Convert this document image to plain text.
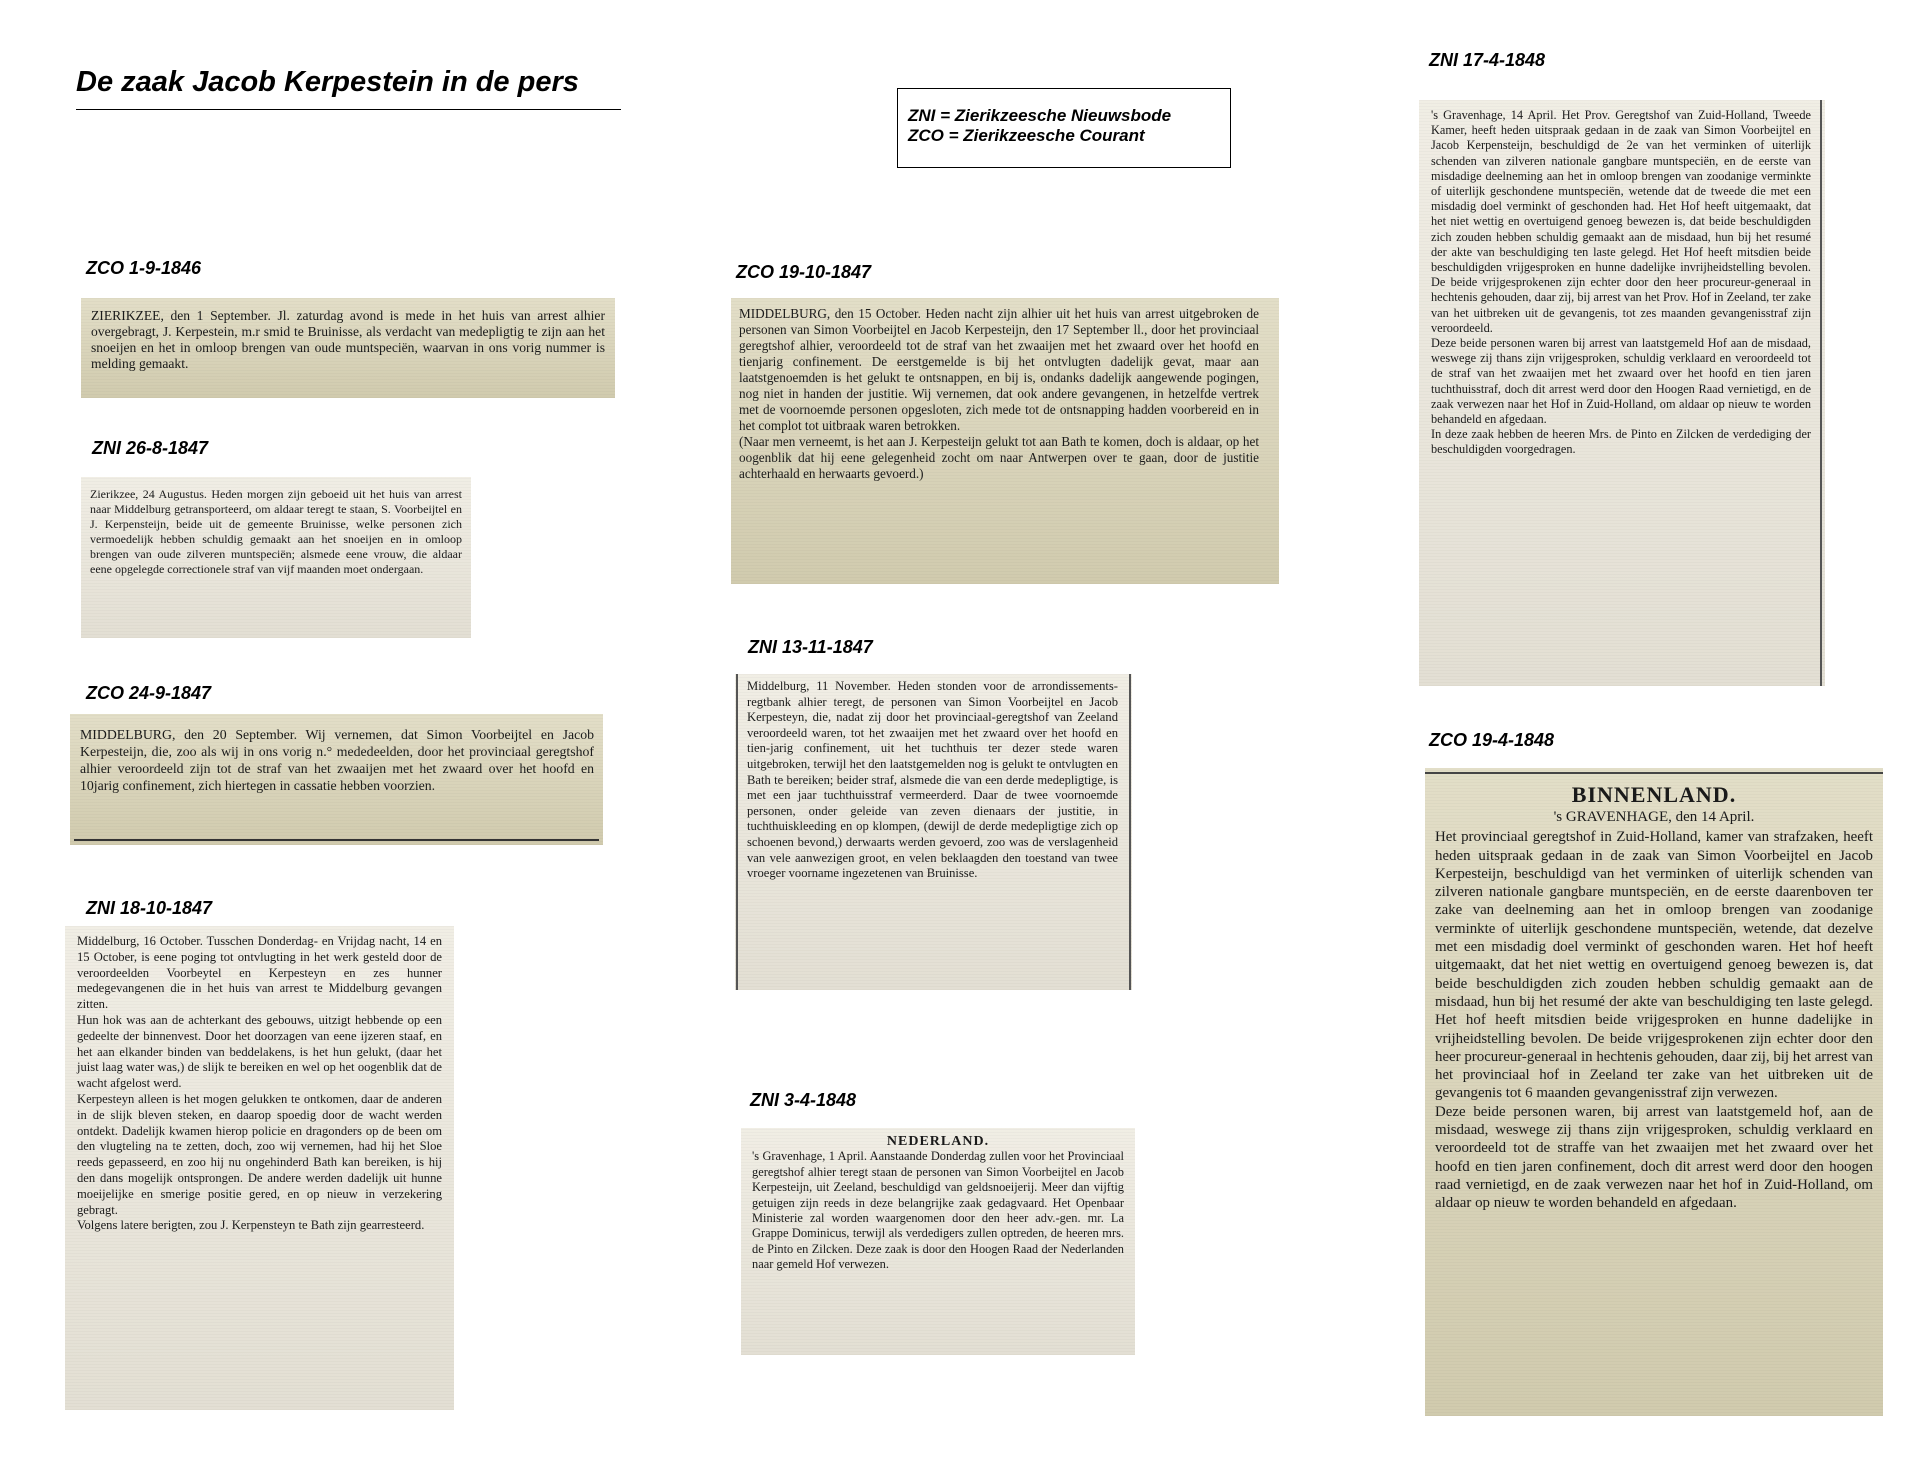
De zaak Jacob Kerpestein in de pers
ZNI = Zierikzeesche Nieuwsbode
ZCO = Zierikzeesche Courant
ZCO 1-9-1846

ZIERIKZEE, den 1 September. Jl. zaturdag avond is mede in het huis van arrest alhier overgebragt, J. Kerpestein, m.r smid te Bruinisse, als verdacht van medepligtig te zijn aan het snoeijen en het in omloop brengen van oude muntspeciën, waarvan in ons vorig nummer is melding gemaakt.

ZNI 26-8-1847

Zierikzee, 24 Augustus. Heden morgen zijn geboeid uit het huis van arrest naar Middelburg getransporteerd, om aldaar teregt te staan, S. Voorbeijtel en J. Kerpensteijn, beide uit de gemeente Bruinisse, welke personen zich vermoedelijk hebben schuldig gemaakt aan het snoeijen en in omloop brengen van oude zilveren muntspeciën; alsmede eene vrouw, die aldaar eene opgelegde correctionele straf van vijf maanden moet ondergaan.

ZCO 24-9-1847

MIDDELBURG, den 20 September. Wij vernemen, dat Simon Voorbeijtel en Jacob Kerpesteijn, die, zoo als wij in ons vorig n.° mededeelden, door het provinciaal geregtshof alhier veroordeeld zijn tot de straf van het zwaaijen met het zwaard over het hoofd en 10jarig confinement, zich hiertegen in cassatie hebben voorzien.

ZNI 18-10-1847

Middelburg, 16 October. Tusschen Donderdag- en Vrijdag nacht, 14 en 15 October, is eene poging tot ontvlugting in het werk gesteld door de veroordeelden Voorbeytel en Kerpesteyn en zes hunner medegevangenen die in het huis van arrest te Middelburg gevangen zitten.

Hun hok was aan de achterkant des gebouws, uitzigt hebbende op een gedeelte der binnenvest. Door het doorzagen van eene ijzeren staaf, en het aan elkander binden van beddelakens, is het hun gelukt, (daar het juist laag water was,) de slijk te bereiken en wel op het oogenblik dat de wacht afgelost werd.

Kerpesteyn alleen is het mogen gelukken te ontkomen, daar de anderen in de slijk bleven steken, en daarop spoedig door de wacht werden ontdekt. Dadelijk kwamen hierop policie en dragonders op de been om den vlugteling na te zetten, doch, zoo wij vernemen, had hij het Sloe reeds gepasseerd, en zoo hij nu ongehinderd Bath kan bereiken, is hij den dans mogelijk ontsprongen. De andere werden dadelijk uit hunne moeijelijke en smerige positie gered, en op nieuw in verzekering gebragt.

Volgens latere berigten, zou J. Kerpensteyn te Bath zijn gearresteerd.

ZCO 19-10-1847

MIDDELBURG, den 15 October. Heden nacht zijn alhier uit het huis van arrest uitgebroken de personen van Simon Voorbeijtel en Jacob Kerpesteijn, den 17 September ll., door het provinciaal geregtshof alhier, veroordeeld tot de straf van het zwaaijen met het zwaard over het hoofd en tienjarig confinement. De eerstgemelde is bij het ontvlugten dadelijk gevat, maar aan laatstgenoemden is het gelukt te ontsnappen, en bij is, ondanks dadelijk aangewende pogingen, nog niet in handen der justitie. Wij vernemen, dat ook andere gevangenen, in hetzelfde vertrek met de voornoemde personen opgesloten, zich mede tot de ontsnapping hadden voorbereid en in het complot tot uitbraak waren betrokken.

(Naar men verneemt, is het aan J. Kerpesteijn gelukt tot aan Bath te komen, doch is aldaar, op het oogenblik dat hij eene gelegenheid zocht om naar Antwerpen over te gaan, door de justitie achterhaald en herwaarts gevoerd.)

ZNI 13-11-1847

Middelburg, 11 November. Heden stonden voor de arrondissements-regtbank alhier teregt, de personen van Simon Voorbeijtel en Jacob Kerpesteyn, die, nadat zij door het provinciaal-geregtshof van Zeeland veroordeeld waren, tot het zwaaijen met het zwaard over het hoofd en tien-jarig confinement, uit het tuchthuis ter dezer stede waren uitgebroken, terwijl het den laatstgemelden nog is gelukt te ontvlugten en Bath te bereiken; beider straf, alsmede die van een derde medepligtige, is met een jaar tuchthuisstraf vermeerderd. Daar de twee voornoemde personen, onder geleide van zeven dienaars der justitie, in tuchthuiskleeding en op klompen, (dewijl de derde medepligtige zich op schoenen bevond,) derwaarts werden gevoerd, zoo was de verslagenheid van vele aanwezigen groot, en velen beklaagden den toestand van twee vroeger voorname ingezetenen van Bruinisse.

ZNI 3-4-1848

NEDERLAND.

's Gravenhage, 1 April. Aanstaande Donderdag zullen voor het Provinciaal geregtshof alhier teregt staan de personen van Simon Voorbeijtel en Jacob Kerpesteijn, uit Zeeland, beschuldigd van geldsnoeijerij. Meer dan vijftig getuigen zijn reeds in deze belangrijke zaak gedagvaard. Het Openbaar Ministerie zal worden waargenomen door den heer adv.-gen. mr. La Grappe Dominicus, terwijl als verdedigers zullen optreden, de heeren mrs. de Pinto en Zilcken. Deze zaak is door den Hoogen Raad der Nederlanden naar gemeld Hof verwezen.

ZNI 17-4-1848

's Gravenhage, 14 April. Het Prov. Geregtshof van Zuid-Holland, Tweede Kamer, heeft heden uitspraak gedaan in de zaak van Simon Voorbeijtel en Jacob Kerpensteijn, beschuldigd de 2e van het verminken of uiterlijk schenden van zilveren nationale gangbare muntspeciën, en de eerste van misdadige deelneming aan het in omloop brengen van zoodanige verminkte of uiterlijk geschondene muntspeciën, wetende dat de tweede die met een misdadig doel verminkt of geschonden had. Het Hof heeft uitgemaakt, dat het niet wettig en overtuigend genoeg bewezen is, dat beide beschuldigden zich zouden hebben schuldig gemaakt aan de misdaad, hun bij het resumé der akte van beschuldiging ten laste gelegd. Het Hof heeft mitsdien beide beschuldigden vrijgesproken en hunne dadelijke invrijheidstelling bevolen. De beide vrijgesprokenen zijn echter door den heer procureur-generaal in hechtenis gehouden, daar zij, bij arrest van het Prov. Hof in Zeeland, ter zake van het uitbreken uit de gevangenis, tot zes maanden gevangenisstraf zijn veroordeeld.

Deze beide personen waren bij arrest van laatstgemeld Hof aan de misdaad, weswege zij thans zijn vrijgesproken, schuldig verklaard en veroordeeld tot de straf van het zwaaijen met het zwaard over het hoofd en tien jaren tuchthuisstraf, doch dit arrest werd door den Hoogen Raad vernietigd, en de zaak verwezen naar het Hof in Zuid-Holland, om aldaar op nieuw te worden behandeld en afgedaan.

In deze zaak hebben de heeren Mrs. de Pinto en Zilcken de verdediging der beschuldigden voorgedragen.

ZCO 19-4-1848

BINNENLAND.

's GRAVENHAGE, den 14 April.

Het provinciaal geregtshof in Zuid-Holland, kamer van strafzaken, heeft heden uitspraak gedaan in de zaak van Simon Voorbeijtel en Jacob Kerpesteijn, beschuldigd van het verminken of uiterlijk schenden van zilveren nationale gangbare muntspeciën, en de eerste daarenboven ter zake van deelneming aan het in omloop brengen van zoodanige verminkte of uiterlijk geschondene muntspeciën, wetende, dat dezelve met een misdadig doel verminkt of geschonden waren. Het hof heeft uitgemaakt, dat het niet wettig en overtuigend genoeg bewezen is, dat beide beschuldigden zich zouden hebben schuldig gemaakt aan de misdaad, hun bij het resumé der akte van beschuldiging ten laste gelegd. Het hof heeft mitsdien beide vrijgesproken en hunne dadelijke in vrijheidstelling bevolen. De beide vrijgesprokenen zijn echter door den heer procureur-generaal in hechtenis gehouden, daar zij, bij het arrest van het provinciaal hof in Zeeland ter zake van het uitbreken uit de gevangenis tot 6 maanden gevangenisstraf zijn verwezen.

Deze beide personen waren, bij arrest van laatstgemeld hof, aan de misdaad, weswege zij thans zijn vrijgesproken, schuldig verklaard en veroordeeld tot de straffe van het zwaaijen met het zwaard over het hoofd en tien jaren confinement, doch dit arrest werd door den hoogen raad vernietigd, en de zaak verwezen naar het hof in Zuid-Holland, om aldaar op nieuw te worden behandeld en afgedaan.
